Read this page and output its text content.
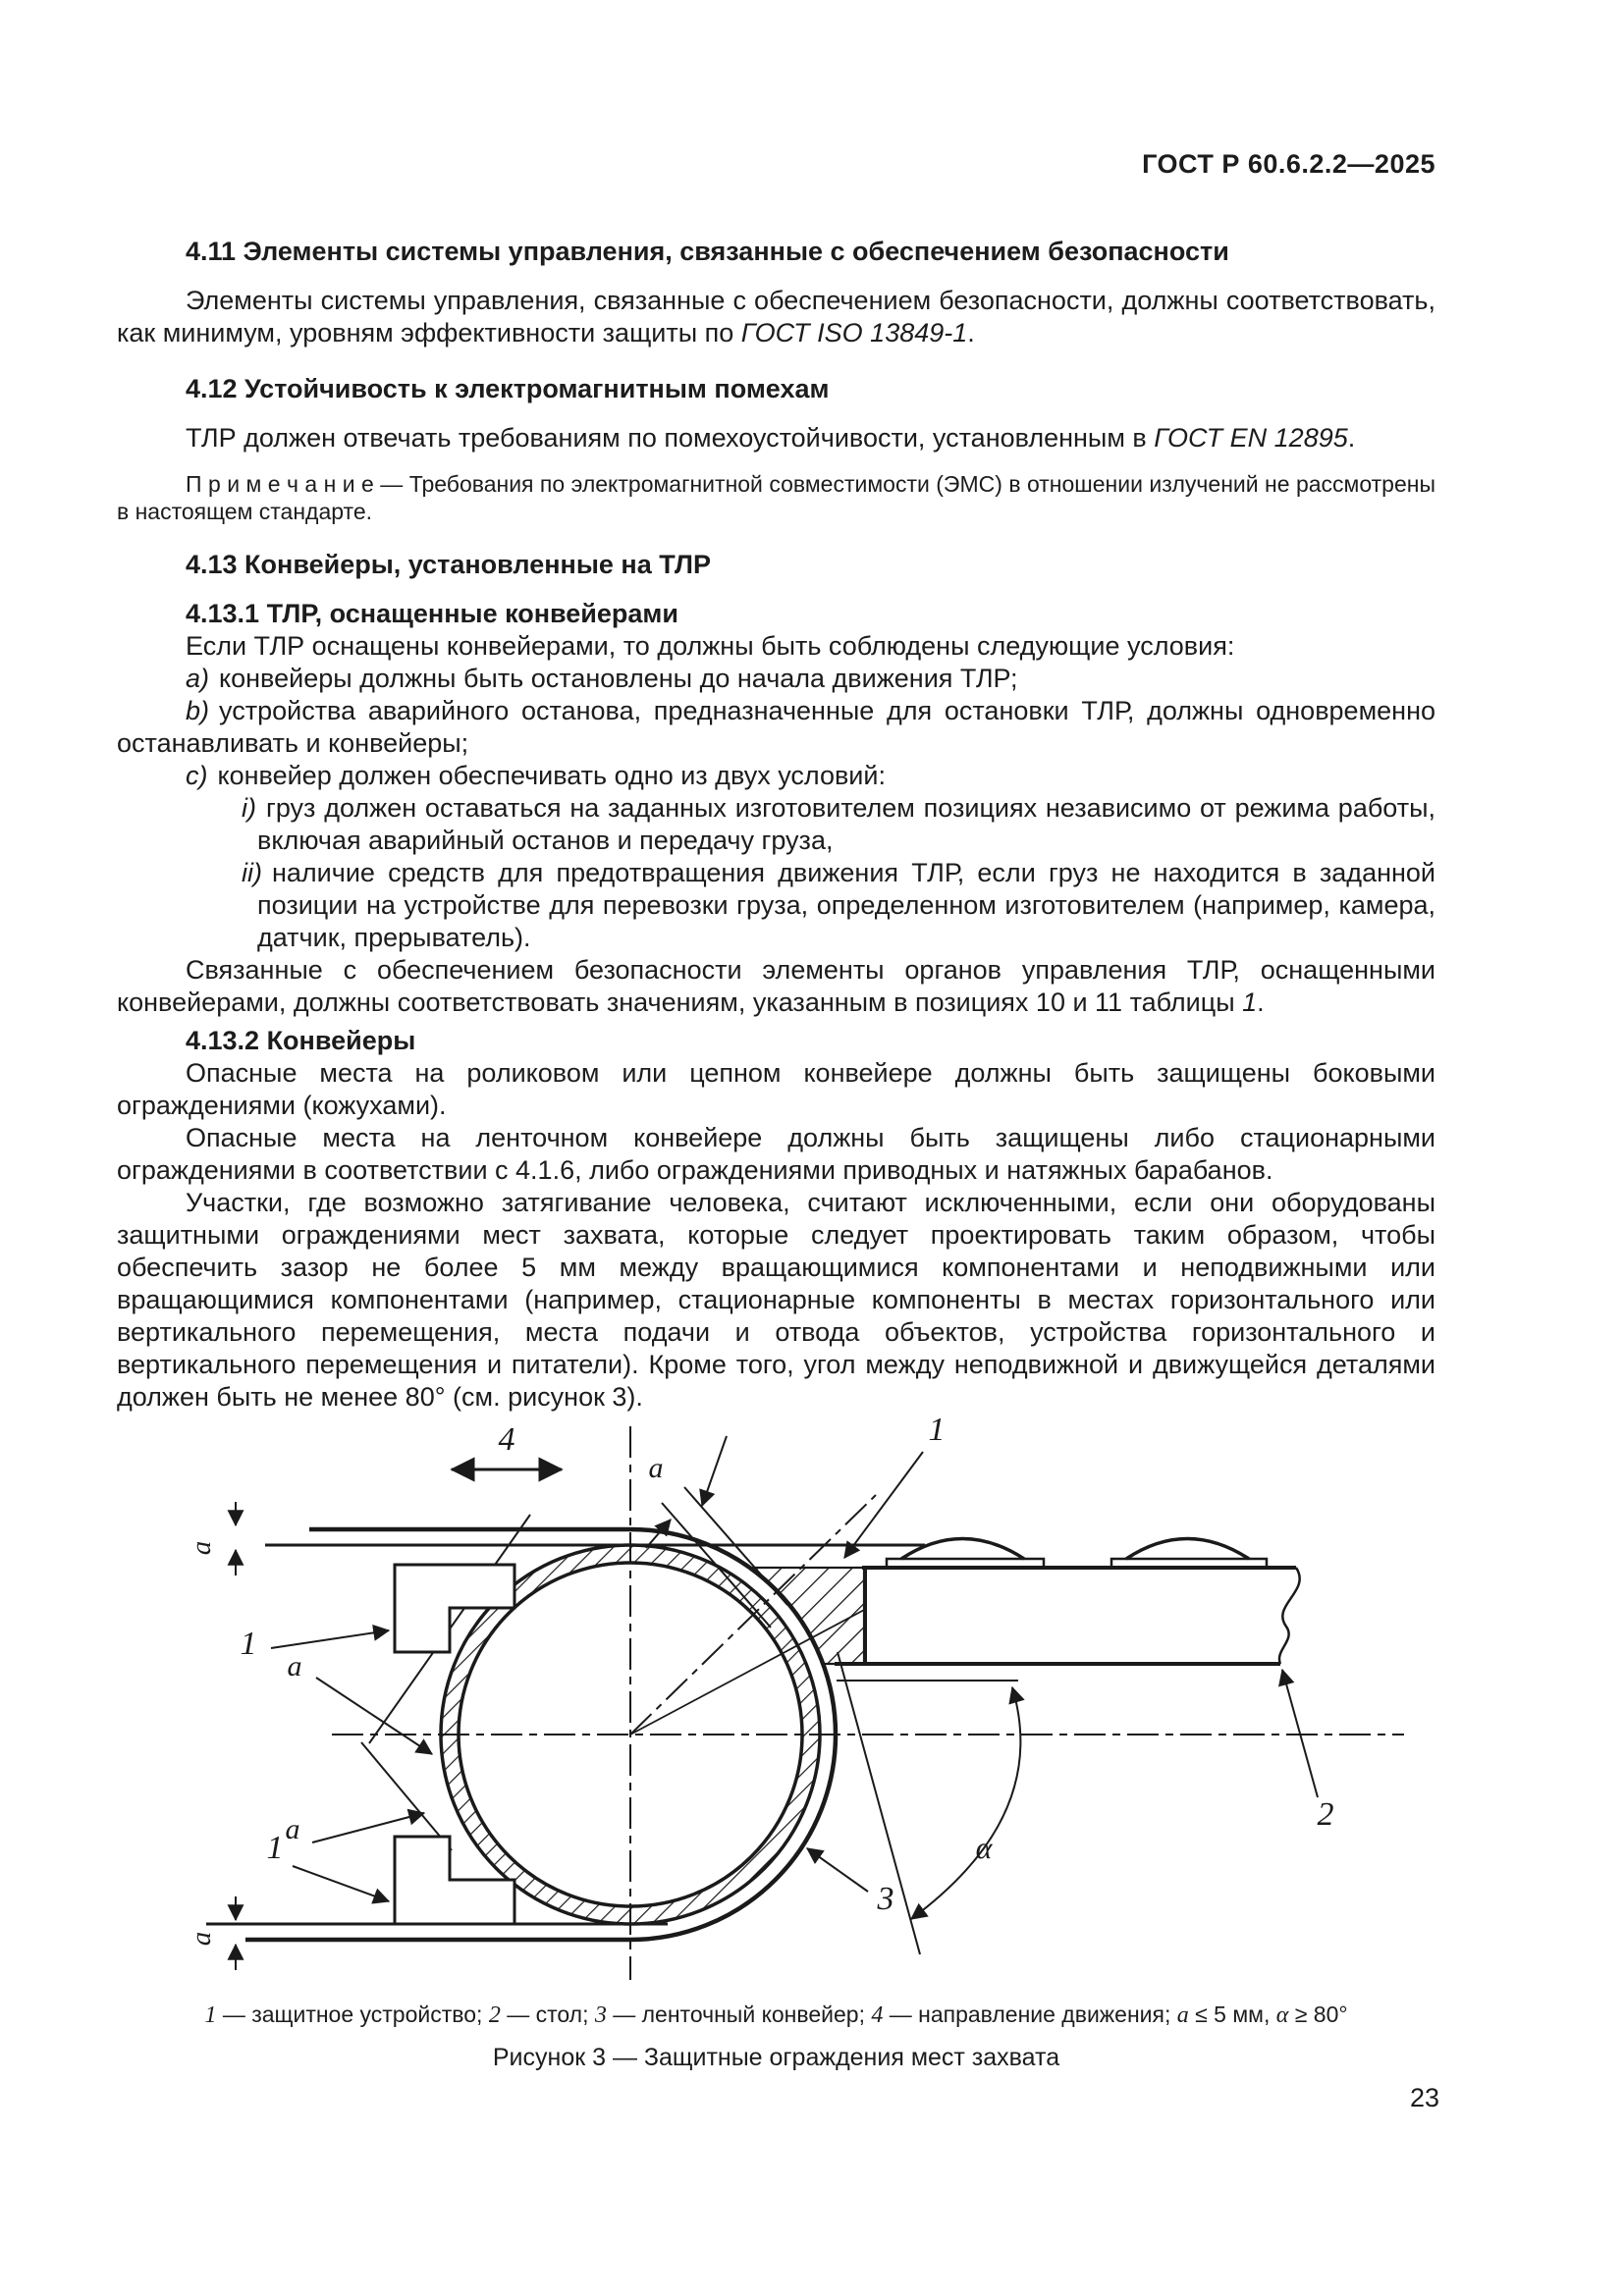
ГОСТ Р 60.6.2.2—2025
4.11 Элементы системы управления, связанные с обеспечением безопасности

Элементы системы управления, связанные с обеспечением безопасности, должны соответствовать, как минимум, уровням эффективности защиты по ГОСТ ISO 13849-1.

4.12 Устойчивость к электромагнитным помехам

ТЛР должен отвечать требованиям по помехоустойчивости, установленным в ГОСТ EN 12895.

П р и м е ч а н и е — Требования по электромагнитной совместимости (ЭМС) в отношении излучений не рассмотрены в настоящем стандарте.

4.13 Конвейеры, установленные на ТЛР
4.13.1 ТЛР, оснащенные конвейерами

Если ТЛР оснащены конвейерами, то должны быть соблюдены следующие условия:

a) конвейеры должны быть остановлены до начала движения ТЛР;

b) устройства аварийного останова, предназначенные для остановки ТЛР, должны одновременно останавливать и конвейеры;

c) конвейер должен обеспечивать одно из двух условий:

i) груз должен оставаться на заданных изготовителем позициях независимо от режима работы, включая аварийный останов и передачу груза,

ii) наличие средств для предотвращения движения ТЛР, если груз не находится в заданной позиции на устройстве для перевозки груза, определенном изготовителем (например, камера, датчик, прерыватель).

Связанные с обеспечением безопасности элементы органов управления ТЛР, оснащенными конвейерами, должны соответствовать значениям, указанным в позициях 10 и 11 таблицы 1.

4.13.2 Конвейеры

Опасные места на роликовом или цепном конвейере должны быть защищены боковыми ограждениями (кожухами).

Опасные места на ленточном конвейере должны быть защищены либо стационарными ограждениями в соответствии с 4.1.6, либо ограждениями приводных и натяжных барабанов.

Участки, где возможно затягивание человека, считают исключенными, если они оборудованы защитными ограждениями мест захвата, которые следует проектировать таким образом, чтобы обеспечить зазор не более 5 мм между вращающимися компонентами и неподвижными или вращающимися компонентами (например, стационарные компоненты в местах горизонтального или вертикального перемещения, места подачи и отвода объектов, устройства горизонтального и вертикального перемещения и питатели). Кроме того, угол между неподвижной и движущейся деталями должен быть не менее 80° (см. рисунок 3).

a
a
a
a
a
4	1
1
1
2
3
α
1 — защитное устройство; 2 — стол; 3 — ленточный конвейер; 4 — направление движения; a ≤ 5 мм, α ≥ 80°
Рисунок 3 — Защитные ограждения мест захвата
23
